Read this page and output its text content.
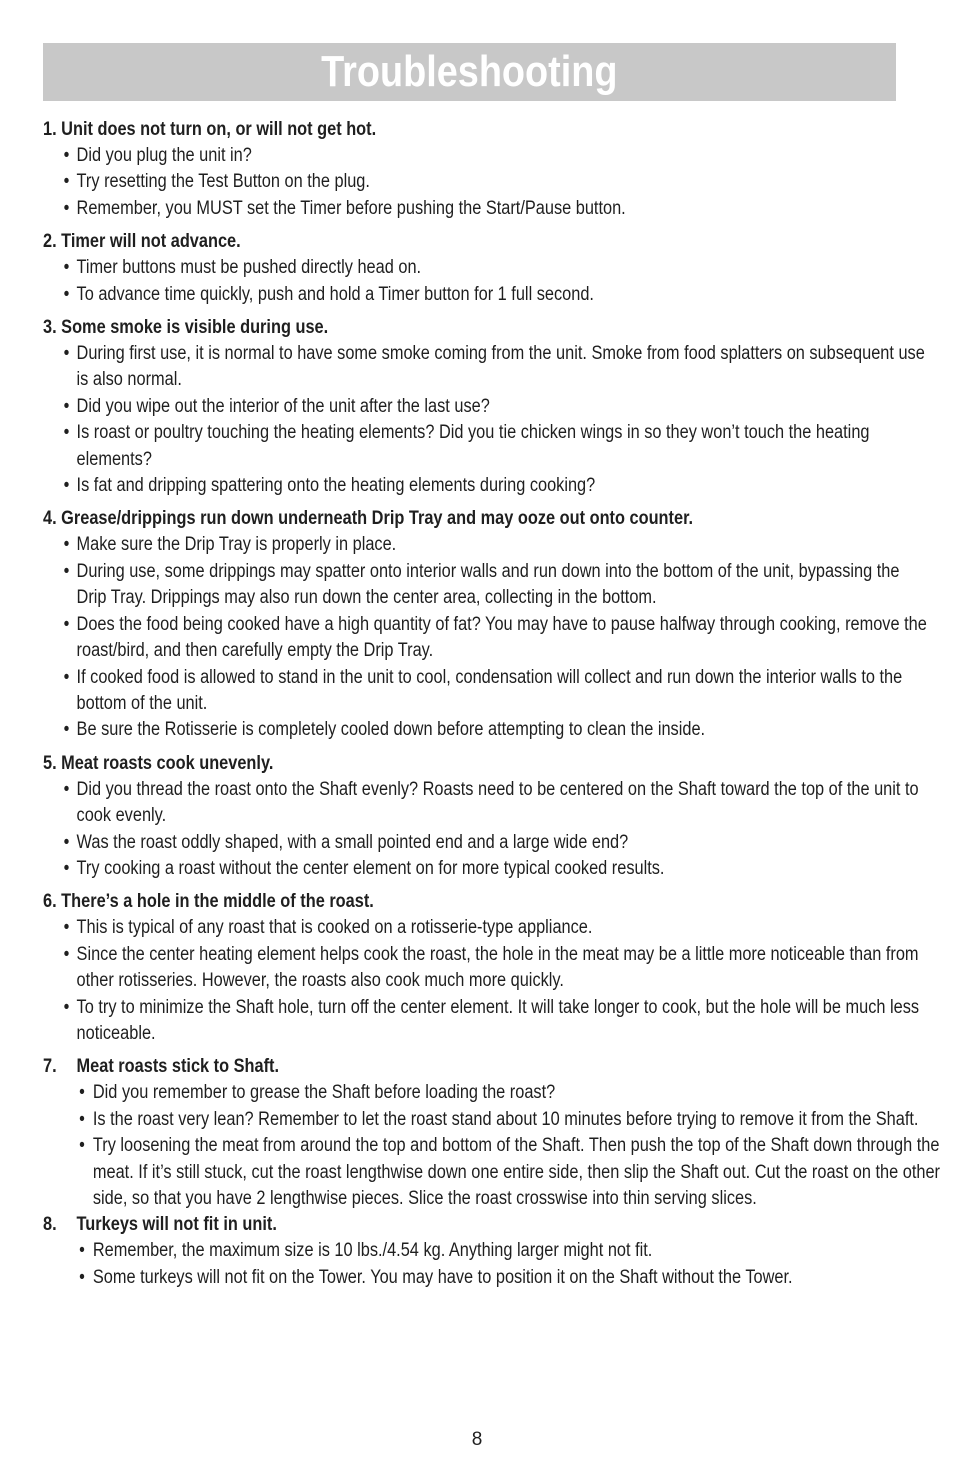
Troubleshooting
1. Unit does not turn on, or will not get hot.
• Did you plug the unit in?
• Try resetting the Test Button on the plug.
• Remember, you MUST set the Timer before pushing the Start/Pause button.
2. Timer will not advance.
• Timer buttons must be pushed directly head on.
• To advance time quickly, push and hold a Timer button for 1 full second.
3. Some smoke is visible during use.
• During first use, it is normal to have some smoke coming from the unit. Smoke from food splatters on subsequent use is also normal.
• Did you wipe out the interior of the unit after the last use?
• Is roast or poultry touching the heating elements? Did you tie chicken wings in so they won’t touch the heating elements?
• Is fat and dripping spattering onto the heating elements during cooking?
4. Grease/drippings run down underneath Drip Tray and may ooze out onto counter.
• Make sure the Drip Tray is properly in place.
• During use, some drippings may spatter onto interior walls and run down into the bottom of the unit, bypassing the Drip Tray. Drippings may also run down the center area, collecting in the bottom.
• Does the food being cooked have a high quantity of fat? You may have to pause halfway through cooking, remove the roast/bird, and then carefully empty the Drip Tray.
• If cooked food is allowed to stand in the unit to cool, condensation will collect and run down the interior walls to the bottom of the unit.
• Be sure the Rotisserie is completely cooled down before attempting to clean the inside.
5. Meat roasts cook unevenly.
• Did you thread the roast onto the Shaft evenly? Roasts need to be centered on the Shaft toward the top of the unit to cook evenly.
• Was the roast oddly shaped, with a small pointed end and a large wide end?
• Try cooking a roast without the center element on for more typical cooked results.
6. There’s a hole in the middle of the roast.
• This is typical of any roast that is cooked on a rotisserie-type appliance.
• Since the center heating element helps cook the roast, the hole in the meat may be a little more noticeable than from other rotisseries. However, the roasts also cook much more quickly.
• To try to minimize the Shaft hole, turn off the center element. It will take longer to cook, but the hole will be much less noticeable.
7. Meat roasts stick to Shaft.
• Did you remember to grease the Shaft before loading the roast?
• Is the roast very lean? Remember to let the roast stand about 10 minutes before trying to remove it from the Shaft.
• Try loosening the meat from around the top and bottom of the Shaft. Then push the top of the Shaft down through the meat. If it’s still stuck, cut the roast lengthwise down one entire side, then slip the Shaft out. Cut the roast on the other side, so that you have 2 lengthwise pieces. Slice the roast crosswise into thin serving slices.
8. Turkeys will not fit in unit.
• Remember, the maximum size is 10 lbs./4.54 kg. Anything larger might not fit.
• Some turkeys will not fit on the Tower. You may have to position it on the Shaft without the Tower.
8
